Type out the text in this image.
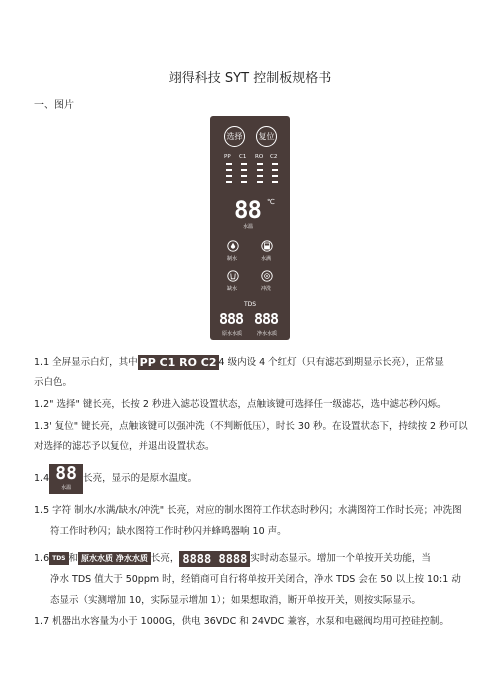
翊得科技 SYT 控制板规格书
一、图片
选择	复位
PP C1 RO C2
88 ℃
水温
制水	水满
缺水	冲洗
TDS
888 888
原水水质	净水水质
1.1 全屏显示白灯，其中 PP C1 RO C2 4 级内设 4 个红灯（只有滤芯到期显示长亮），正常显
示白色。
1.2" 选择" 键长亮，长按 2 秒进入滤芯设置状态，点触该键可选择任一级滤芯，选中滤芯秒闪烁。
1.3' 复位" 键长亮，点触该键可以强冲洗（不判断低压），时长 30 秒。在设置状态下，持续按 2 秒可以
对选择的滤芯予以复位，并退出设置状态。
1.4 88
水温
长亮，显示的是原水温度。
1.5 字符 制水/水满/缺水/冲洗" 长亮，对应的制水图符工作状态时秒闪；水满图符工作时长亮；冲洗图
符工作时秒闪；缺水图符工作时秒闪并蜂鸣器响 10 声。
1.6 TDS 和 原水水质 净水水质 长亮， 8888 8888 实时动态显示。增加一个单按开关功能，当
净水 TDS 值大于 50ppm 时，经销商可自行将单按开关闭合，净水 TDS 会在 50 以上按 10:1 动
态显示（实测增加 10，实际显示增加 1）；如果想取消，断开单按开关，则按实际显示。
1.7 机器出水容量为小于 1000G，供电 36VDC 和 24VDC 兼容，水泵和电磁阀均用可控硅控制。
